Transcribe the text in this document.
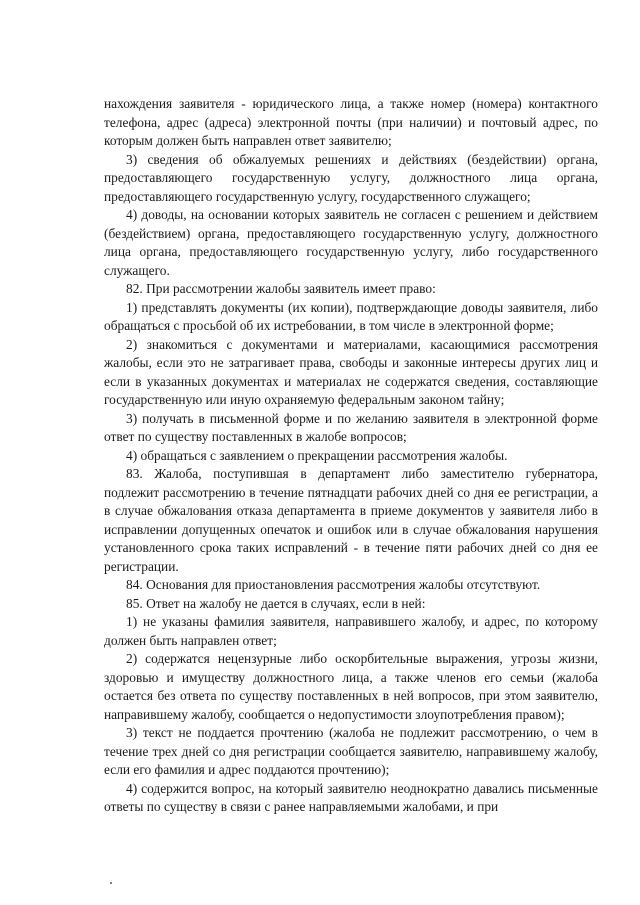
нахождения заявителя - юридического лица, а также номер (номера) контактного телефона, адрес (адреса) электронной почты (при наличии) и почтовый адрес, по которым должен быть направлен ответ заявителю;

3) сведения об обжалуемых решениях и действиях (бездействии) органа, предоставляющего государственную услугу, должностного лица органа, предоставляющего государственную услугу, государственного служащего;

4) доводы, на основании которых заявитель не согласен с решением и действием (бездействием) органа, предоставляющего государственную услугу, должностного лица органа, предоставляющего государственную услугу, либо государственного служащего.

82. При рассмотрении жалобы заявитель имеет право:

1) представлять документы (их копии), подтверждающие доводы заявителя, либо обращаться с просьбой об их истребовании, в том числе в электронной форме;

2) знакомиться с документами и материалами, касающимися рассмотрения жалобы, если это не затрагивает права, свободы и законные интересы других лиц и если в указанных документах и материалах не содержатся сведения, составляющие государственную или иную охраняемую федеральным законом тайну;

3) получать в письменной форме и по желанию заявителя в электронной форме ответ по существу поставленных в жалобе вопросов;

4) обращаться с заявлением о прекращении рассмотрения жалобы.

83. Жалоба, поступившая в департамент либо заместителю губернатора, подлежит рассмотрению в течение пятнадцати рабочих дней со дня ее регистрации, а в случае обжалования отказа департамента в приеме документов у заявителя либо в исправлении допущенных опечаток и ошибок или в случае обжалования нарушения установленного срока таких исправлений - в течение пяти рабочих дней со дня ее регистрации.

84. Основания для приостановления рассмотрения жалобы отсутствуют.

85. Ответ на жалобу не дается в случаях, если в ней:

1) не указаны фамилия заявителя, направившего жалобу, и адрес, по которому должен быть направлен ответ;

2) содержатся нецензурные либо оскорбительные выражения, угрозы жизни, здоровью и имуществу должностного лица, а также членов его семьи (жалоба остается без ответа по существу поставленных в ней вопросов, при этом заявителю, направившему жалобу, сообщается о недопустимости злоупотребления правом);

3) текст не поддается прочтению (жалоба не подлежит рассмотрению, о чем в течение трех дней со дня регистрации сообщается заявителю, направившему жалобу, если его фамилия и адрес поддаются прочтению);

4) содержится вопрос, на который заявителю неоднократно давались письменные ответы по существу в связи с ранее направляемыми жалобами, и при
